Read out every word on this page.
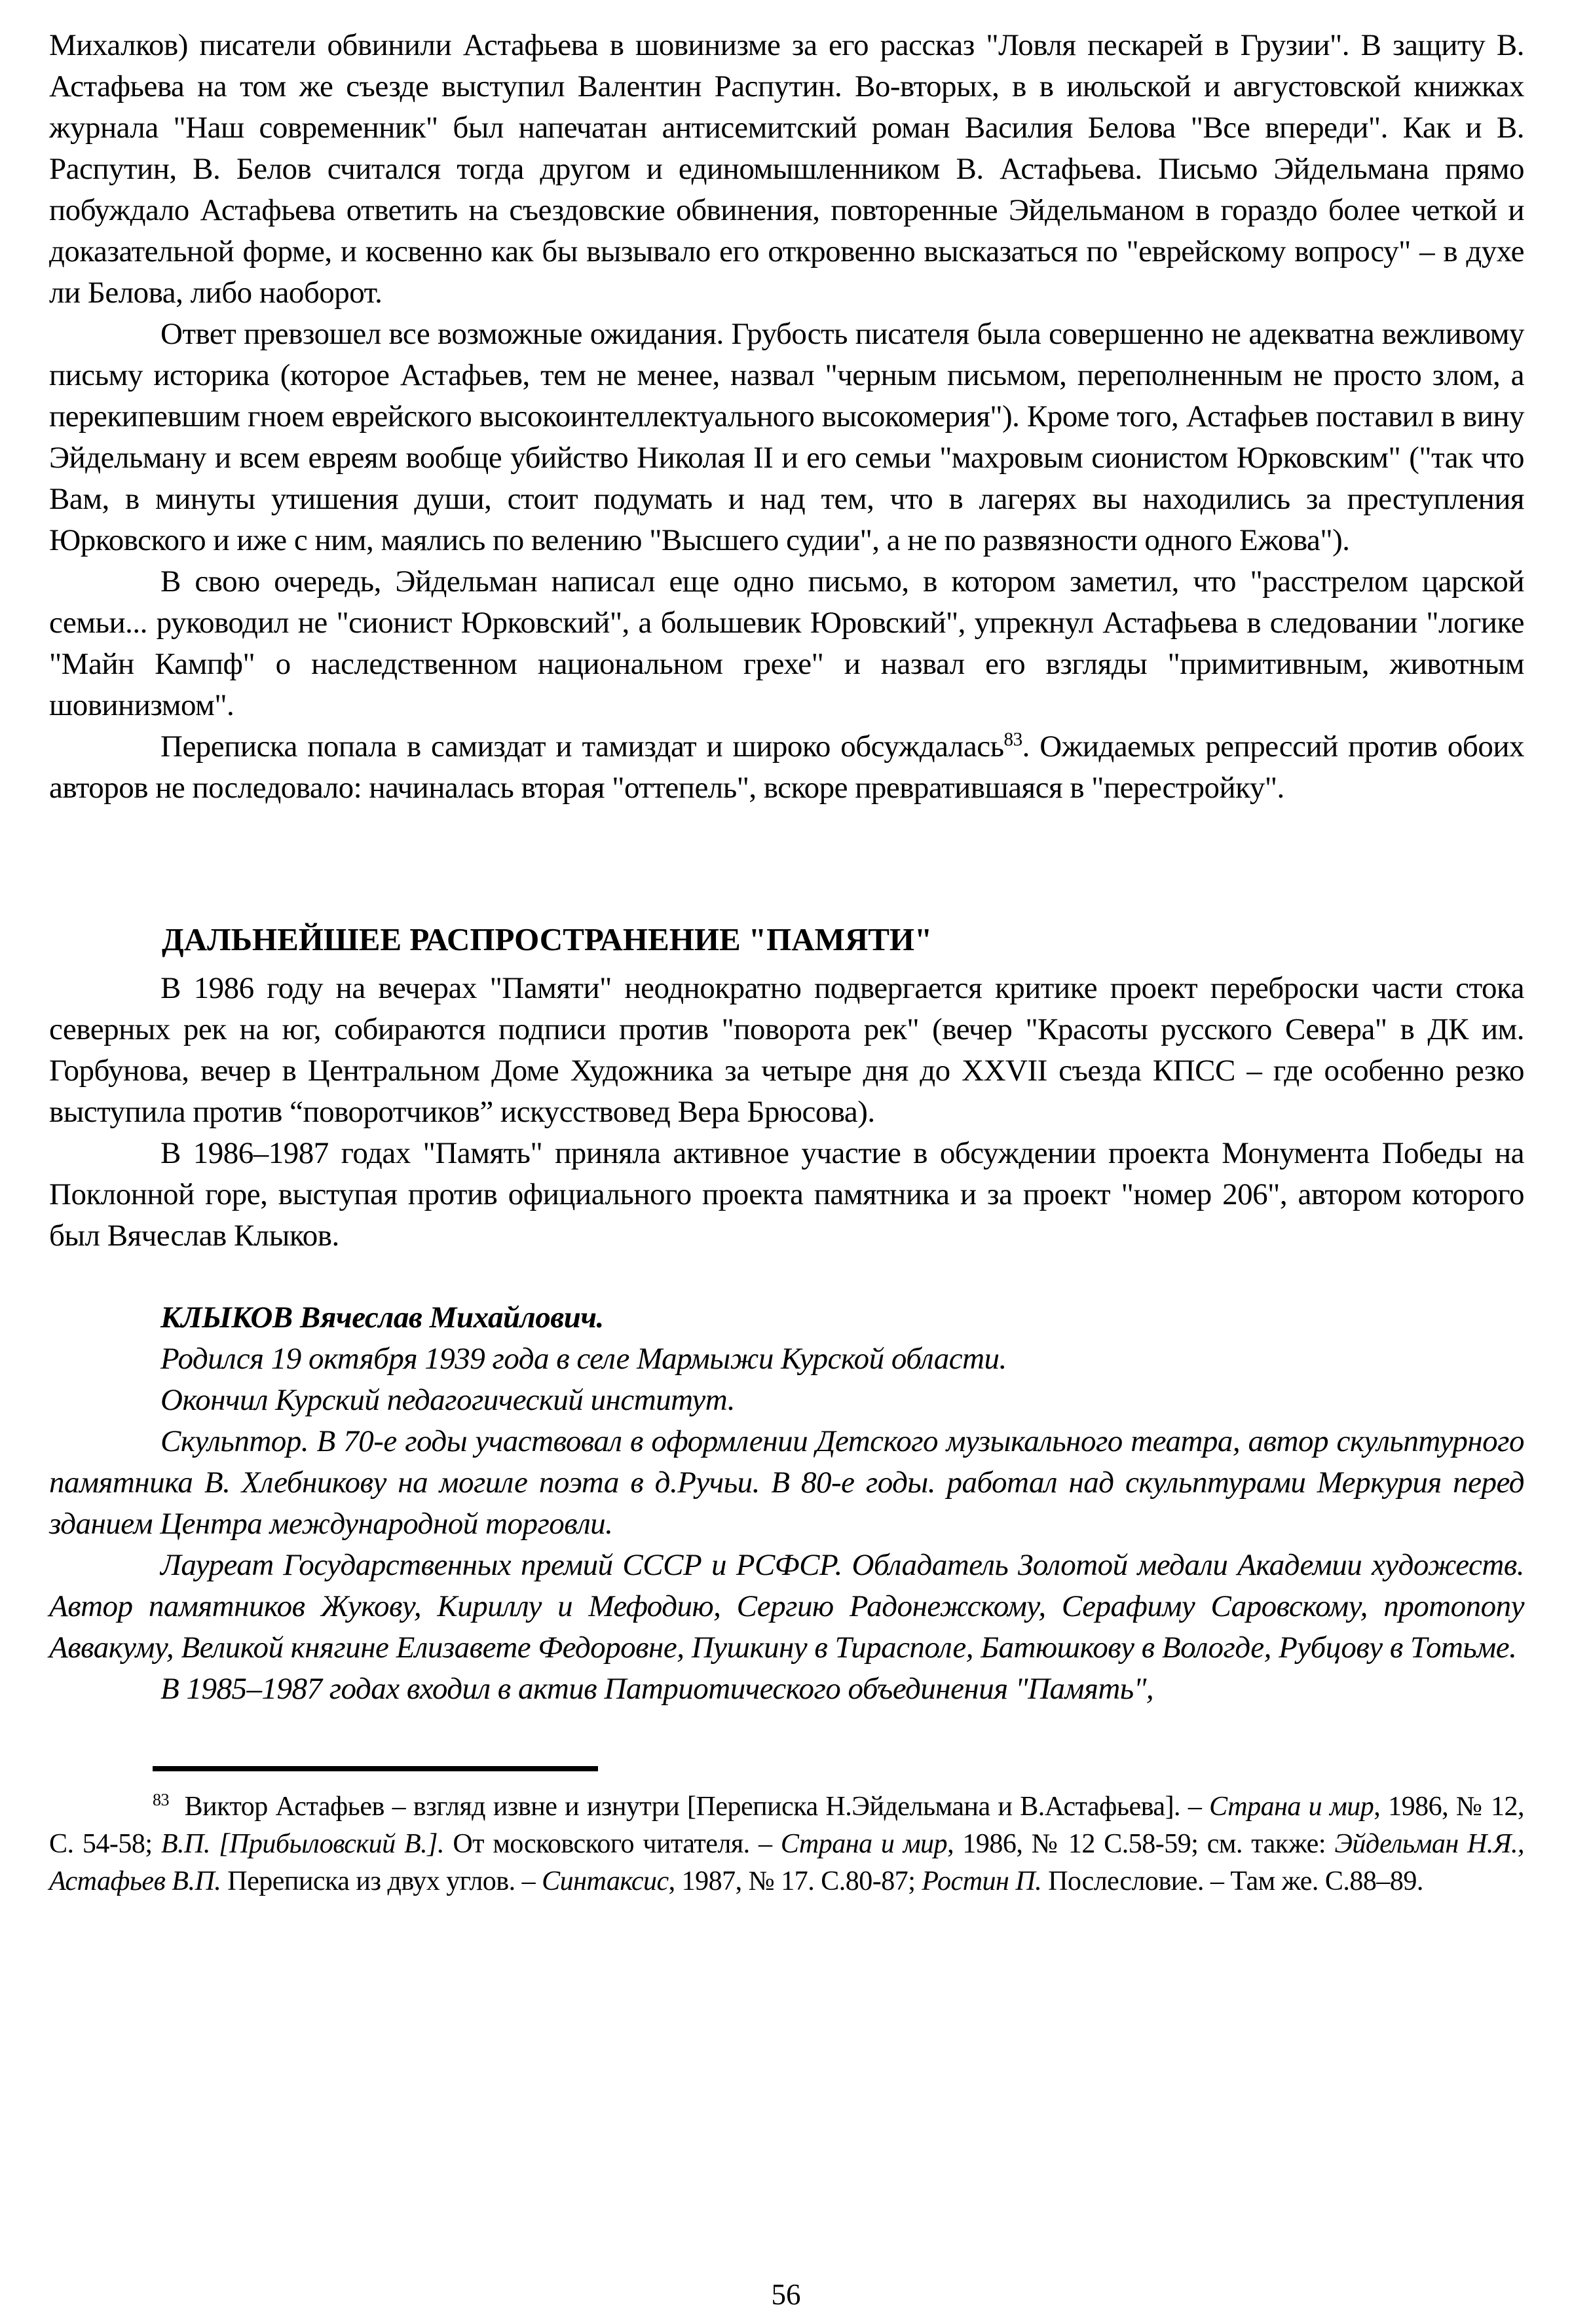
Михалков) писатели обвинили Астафьева в шовинизме за его рассказ "Ловля пескарей в Грузии". В защиту В. Астафьева на том же съезде выступил Валентин Распутин. Во-вторых, в в июльской и августовской книжках журнала "Наш современник" был напечатан антисемитский роман Василия Белова "Все впереди". Как и В. Распутин, В. Белов считался тогда другом и единомышленником В. Астафьева. Письмо Эйдельмана прямо побуждало Астафьева ответить на съездовские обвинения, повторенные Эйдельманом в гораздо более четкой и доказательной форме, и косвенно как бы вызывало его откровенно высказаться по "еврейскому вопросу" – в духе ли Белова, либо наоборот.

Ответ превзошел все возможные ожидания. Грубость писателя была совершенно не адекватна вежливому письму историка (которое Астафьев, тем не менее, назвал "черным письмом, переполненным не просто злом, а перекипевшим гноем еврейского высокоинтеллектуального высокомерия"). Кроме того, Астафьев поставил в вину Эйдельману и всем евреям вообще убийство Николая II и его семьи "махровым сионистом Юрковским" ("так что Вам, в минуты утишения души, стоит подумать и над тем, что в лагерях вы находились за преступления Юрковского и иже с ним, маялись по велению "Высшего судии", а не по развязности одного Ежова").

В свою очередь, Эйдельман написал еще одно письмо, в котором заметил, что "расстрелом царской семьи... руководил не "сионист Юрковский", а большевик Юровский", упрекнул Астафьева в следовании "логике "Майн Кампф" о наследственном национальном грехе" и назвал его взгляды "примитивным, животным шовинизмом".

Переписка попала в самиздат и тамиздат и широко обсуждалась$^{83}$. Ожидаемых репрессий против обоих авторов не последовало: начиналась вторая "оттепель", вскоре превратившаяся в "перестройку".

ДАЛЬНЕЙШЕЕ РАСПРОСТРАНЕНИЕ "ПАМЯТИ"

В 1986 году на вечерах "Памяти" неоднократно подвергается критике проект переброски части стока северных рек на юг, собираются подписи против "поворота рек" (вечер "Красоты русского Севера" в ДК им. Горбунова, вечер в Центральном Доме Художника за четыре дня до XXVII съезда КПСС – где особенно резко выступила против “поворотчиков” искусствовед Вера Брюсова).

В 1986–1987 годах "Память" приняла активное участие в обсуждении проекта Монумента Победы на Поклонной горе, выступая против официального проекта памятника и за проект "номер 206", автором которого был Вячеслав Клыков.

КЛЫКОВ Вячеслав Михайлович.

Родился 19 октября 1939 года в селе Мармыжи Курской области.

Окончил Курский педагогический институт.

Скульптор. В 70-е годы участвовал в оформлении Детского музыкального театра, автор скульптурного памятника В. Хлебникову на могиле поэта в д.Ручьи. В 80-е годы. работал над скульптурами Меркурия перед зданием Центра международной торговли.

Лауреат Государственных премий СССР и РСФСР. Обладатель Золотой медали Академии художеств. Автор памятников Жукову, Кириллу и Мефодию, Сергию Радонежскому, Серафиму Саровскому, протопопу Аввакуму, Великой княгине Елизавете Федоровне, Пушкину в Тирасполе, Батюшкову в Вологде, Рубцову в Тотьме.

В 1985–1987 годах входил в актив Патриотического объединения "Память",

$^{83}$  Виктор Астафьев – взгляд извне и изнутри [Переписка Н.Эйдельмана и В.Астафьева]. – Страна и мир, 1986, № 12, С. 54-58; В.П. [Прибыловский В.]. От московского читателя. – Страна и мир, 1986, № 12 С.58-59; см. также: Эйдельман Н.Я., Астафьев В.П. Переписка из двух углов. – Синтаксис, 1987, № 17. С.80-87; Ростин П. Послесловие. – Там же. С.88–89.

56
